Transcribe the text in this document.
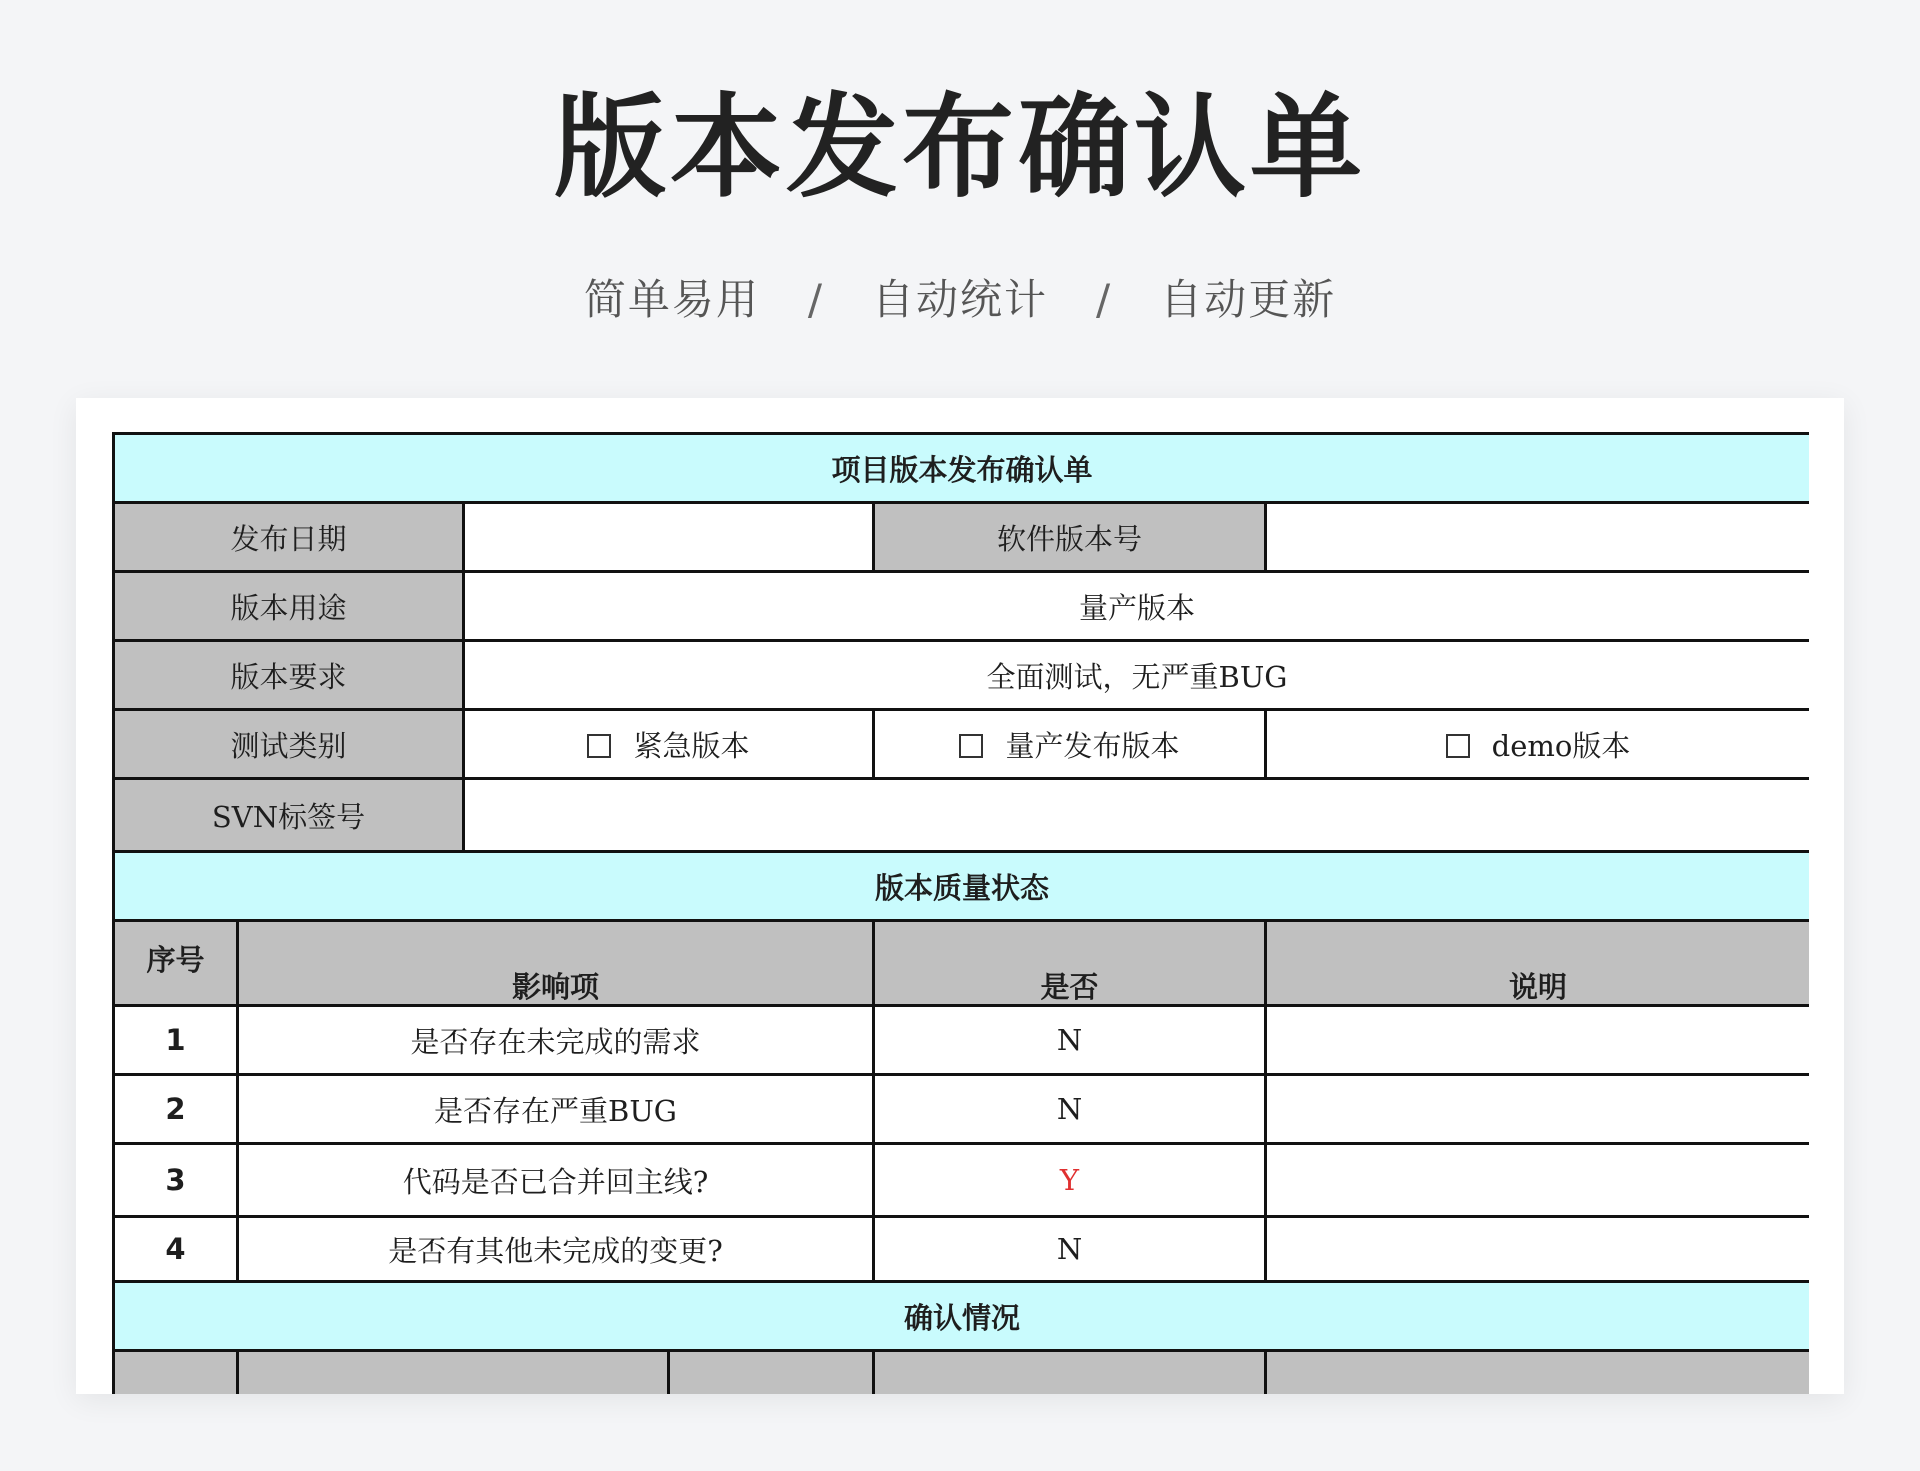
版本发布确认单
简单易用 / 自动统计 / 自动更新
项目版本发布确认单					
发布日期				软件版本号	
版本用途		量产版本			
版本要求		全面测试，无严重BUG			
测试类别		紧急版本		量产发布版本	demo版本
SVN标签号					
版本质量状态					
序号	影响项			是否	说明
1	是否存在未完成的需求			N	
2	是否存在严重BUG			N	
3	代码是否已合并回主线?			Y	
4	是否有其他未完成的变更?			N	
确认情况					
